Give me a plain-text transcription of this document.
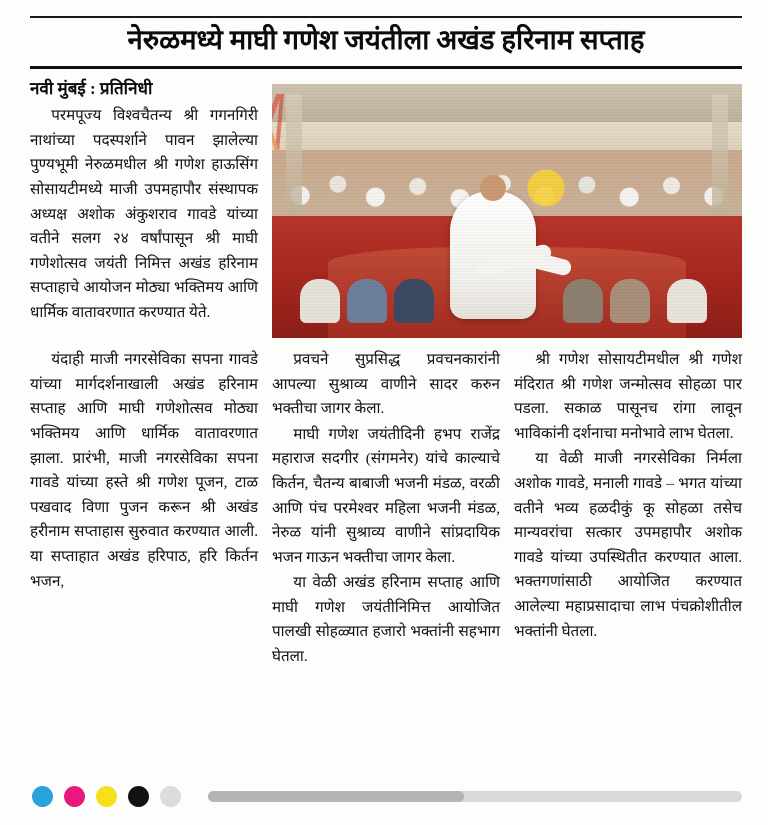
नेरुळमध्ये माघी गणेश जयंतीला अखंड हरिनाम सप्ताह
नवी मुंबई : प्रतिनिधी

परमपूज्य विश्वचैतन्य श्री गगनगिरी नाथांच्या पदस्पर्शाने पावन झालेल्या पुण्यभूमी नेरुळमधील श्री गणेश हाऊसिंग सोसायटीमध्ये माजी उपमहापौर संस्थापक अध्यक्ष अशोक अंकुशराव गावडे यांच्या वतीने सलग २४ वर्षांपासून श्री माघी गणेशोत्सव जयंती निमित्त अखंड हरिनाम सप्ताहाचे आयोजन मोठ्या भक्तिमय आणि धार्मिक वातावरणात करण्यात येते.

यंदाही माजी नगरसेविका सपना गावडे यांच्या मार्गदर्शनाखाली अखंड हरिनाम सप्ताह आणि माघी गणेशोत्सव मोठ्या भक्तिमय आणि धार्मिक वातावरणात झाला. प्रारंभी, माजी नगरसेविका सपना गावडे यांच्या हस्ते श्री गणेश पूजन, टाळ पखवाद विणा पुजन करून श्री अखंड हरीनाम सप्ताहास सुरुवात करण्यात आली. या सप्ताहात अखंड हरिपाठ, हरि किर्तन भजन,

प्रवचने सुप्रसिद्ध प्रवचनकारांनी आपल्या सुश्राव्य वाणीने सादर करुन भक्तीचा जागर केला.

माघी गणेश जयंतीदिनी हभप राजेंद्र महाराज सदगीर (संगमनेर) यांचे काल्याचे किर्तन, चैतन्य बाबाजी भजनी मंडळ, वरळी आणि पंच परमेश्वर महिला भजनी मंडळ, नेरुळ यांनी सुश्राव्य वाणीने सांप्रदायिक भजन गाऊन भक्तीचा जागर केला.

या वेळी अखंड हरिनाम सप्ताह आणि माघी गणेश जयंतीनिमित्त आयोजित पालखी सोहळ्यात हजारो भक्तांनी सहभाग घेतला.

श्री गणेश सोसायटीमधील श्री गणेश मंदिरात श्री गणेश जन्मोत्सव सोहळा पार पडला. सकाळ पासूनच रांगा लावून भाविकांनी दर्शनाचा मनोभावे लाभ घेतला.

या वेळी माजी नगरसेविका निर्मला अशोक गावडे, मनाली गावडे – भगत यांच्या वतीने भव्य हळदीकुं कू सोहळा तसेच मान्यवरांचा सत्कार उपमहापौर अशोक गावडे यांच्या उपस्थितीत करण्यात आला. भक्तगणांसाठी आयोजित करण्यात आलेल्या महाप्रसादाचा लाभ पंचक्रोशीतील भक्तांनी घेतला.
